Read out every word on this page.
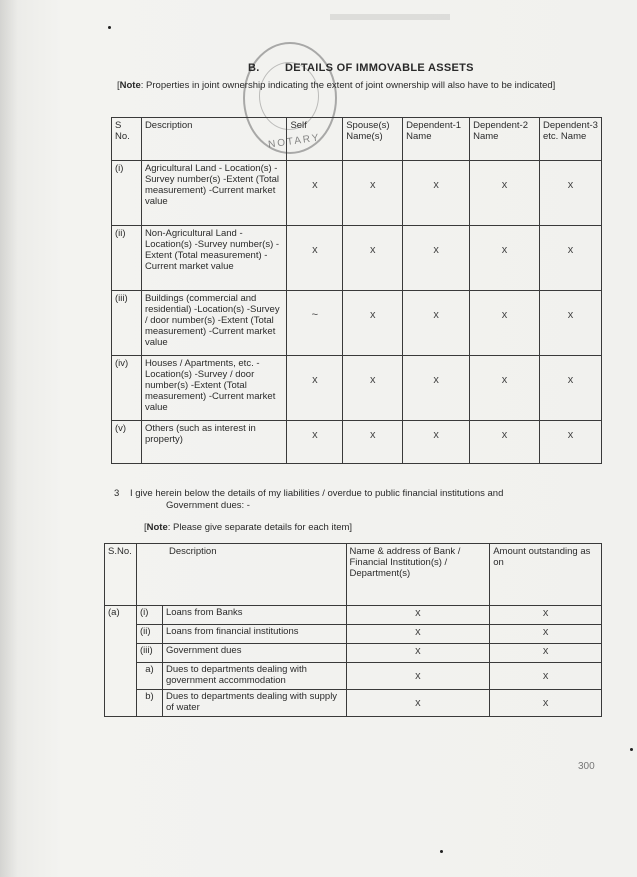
NOTARY
B. DETAILS OF IMMOVABLE ASSETS
[Note: Properties in joint ownership indicating the extent of joint ownership will also have to be indicated]
S No.	Description	Self	Spouse(s) Name(s)	Dependent-1 Name	Dependent-2 Name	Dependent-3 etc. Name
(i)	Agricultural Land - Location(s) -Survey number(s) -Extent (Total measurement) -Current market value	x	x	x	x	x

(ii)	Non-Agricultural Land - Location(s) -Survey number(s) -Extent (Total measurement) -Current market value	x	x	x	x	x

(iii)	Buildings (commercial and residential) -Location(s) -Survey / door number(s) -Extent (Total measurement) -Current market value	~	x	x	x	x

(iv)	Houses / Apartments, etc. -Location(s) -Survey / door number(s) -Extent (Total measurement) -Current market value	x	x	x	x	x

(v)	Others (such as interest in property)	x	x	x	x	x
3 I give herein below the details of my liabilities / overdue to public financial institutions and
Government dues: -
[Note: Please give separate details for each item]
S.No.	Description		Name & address of Bank / Financial Institution(s) / Department(s)	Amount outstanding as on
(a)	(i)	Loans from Banks	x	x

	(ii)	Loans from financial institutions	x	x

	(iii)	Government dues	x	x

	a)	Dues to departments dealing with government accommodation	x	x

	b)	Dues to departments dealing with supply of water	x	x
300
